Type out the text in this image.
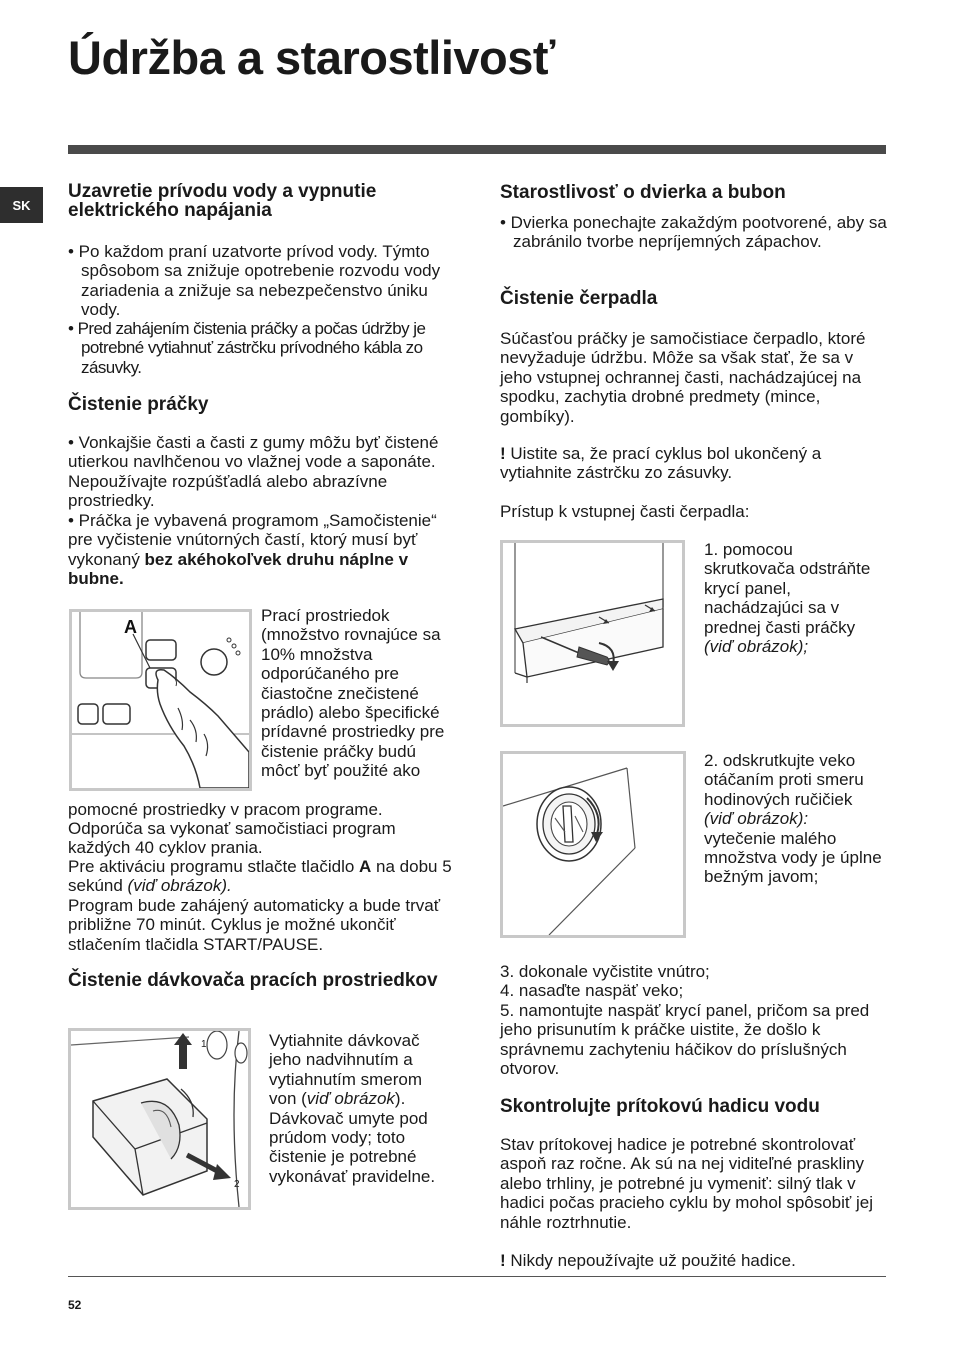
Údržba a starostlivosť
SK
Uzavretie prívodu vody a vypnutie elektrického napájania

• Po každom praní uzatvorte prívod vody. Týmto spôsobom sa znižuje opotrebenie rozvodu vody zariadenia a znižuje sa nebezpečenstvo úniku vody.

• Pred zahájením čistenia práčky a počas údržby je potrebné vytiahnuť zástrčku prívodného kábla zo zásuvky.

Čistenie práčky

• Vonkajšie časti a časti z gumy môžu byť čistené utierkou navlhčenou vo vlažnej vode a saponáte. Nepoužívajte rozpúšťadlá alebo abrazívne prostriedky.

• Práčka je vybavená programom „Samočistenie“ pre vyčistenie vnútorných častí, ktorý musí byť vykonaný bez akéhokoľvek druhu náplne v bubne.

A

Prací prostriedok (množstvo rovnajúce sa 10% množstva odporúčaného pre čiastočne znečistené prádlo) alebo špecifické prídavné prostriedky pre čistenie práčky budú môcť byť použité ako

pomocné prostriedky v pracom programe.

Odporúča sa vykonať samočistiaci program každých 40 cyklov prania.

Pre aktiváciu programu stlačte tlačidlo A na dobu 5 sekúnd (viď obrázok).

Program bude zahájený automaticky a bude trvať približne 70 minút. Cyklus je možné ukončiť stlačením tlačidla START/PAUSE.

Čistenie dávkovača pracích prostriedkov
1
2

Vytiahnite dávkovač jeho nadvihnutím a vytiahnutím smerom von (viď obrázok). Dávkovač umyte pod prúdom vody; toto čistenie je potrebné vykonávať pravidelne.

Starostlivosť o dvierka a bubon

• Dvierka ponechajte zakaždým pootvorené, aby sa zabránilo tvorbe nepríjemných zápachov.

Čistenie čerpadla

Súčasťou práčky je samočistiace čerpadlo, ktoré nevyžaduje údržbu. Môže sa však stať, že sa v jeho vstupnej ochrannej časti, nachádzajúcej na spodku, zachytia drobné predmety (mince, gombíky).

! Uistite sa, že prací cyklus bol ukončený a vytiahnite zástrčku zo zásuvky.

Prístup k vstupnej časti čerpadla:

1. pomocou skrutkovača odstráňte krycí panel, nachádzajúci sa v prednej časti práčky
(viď obrázok);

2. odskrutkujte veko otáčaním proti smeru hodinových ručičiek
(viď obrázok):
vytečenie malého množstva vody je úplne bežným javom;

3. dokonale vyčistite vnútro;

4. nasaďte naspäť veko;

5. namontujte naspäť krycí panel, pričom sa pred jeho prisunutím k práčke uistite, že došlo k správnemu zachyteniu háčikov do príslušných otvorov.

Skontrolujte prítokovú hadicu vodu

Stav prítokovej hadice je potrebné skontrolovať aspoň raz ročne. Ak sú na nej viditeľné praskliny alebo trhliny, je potrebné ju vymeniť: silný tlak v hadici počas pracieho cyklu by mohol spôsobiť jej náhle roztrhnutie.

! Nikdy nepoužívajte už použité hadice.

52
